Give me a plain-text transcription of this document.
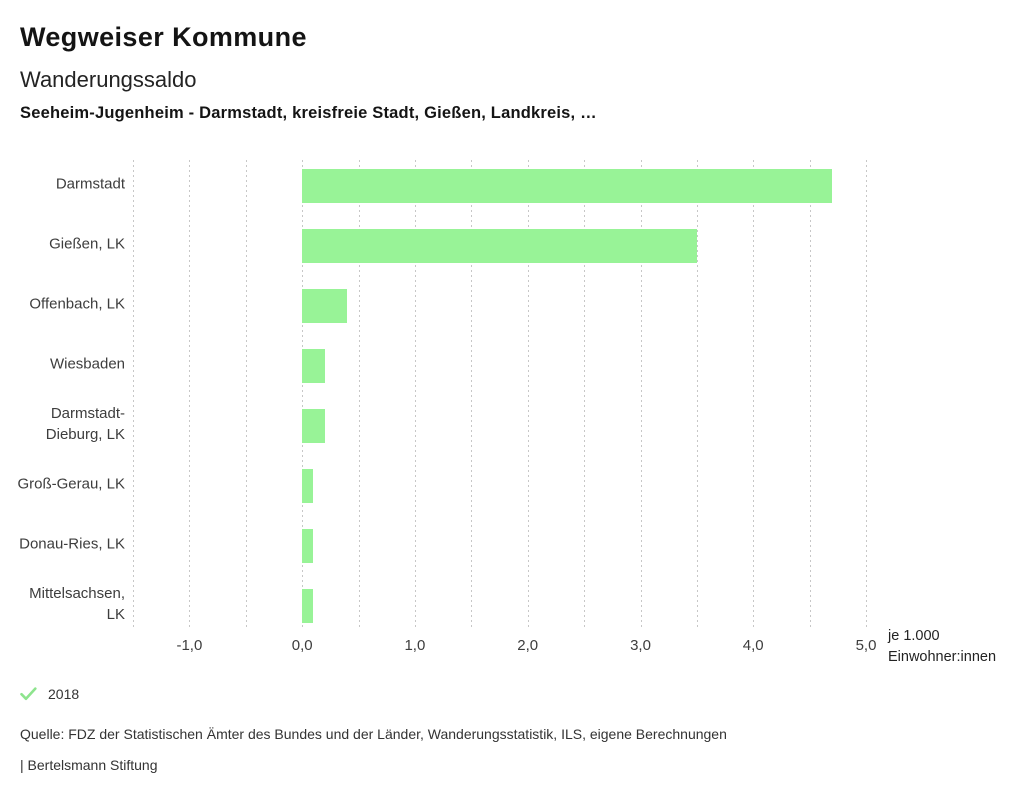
Wegweiser Kommune
Wanderungssaldo
Seeheim-Jugenheim - Darmstadt, kreisfreie Stadt, Gießen, Landkreis, …
Darmstadt
Gießen, LK
Offenbach, LK
Wiesbaden
Darmstadt-
Dieburg, LK
Groß-Gerau, LK
Donau-Ries, LK
Mittelsachsen,
LK
-1,0	0,0	1,0	2,0	3,0	4,0	5,0
je 1.000
Einwohner:innen
2018
Quelle: FDZ der Statistischen Ämter des Bundes und der Länder, Wanderungsstatistik, ILS, eigene Berechnungen
| Bertelsmann Stiftung
